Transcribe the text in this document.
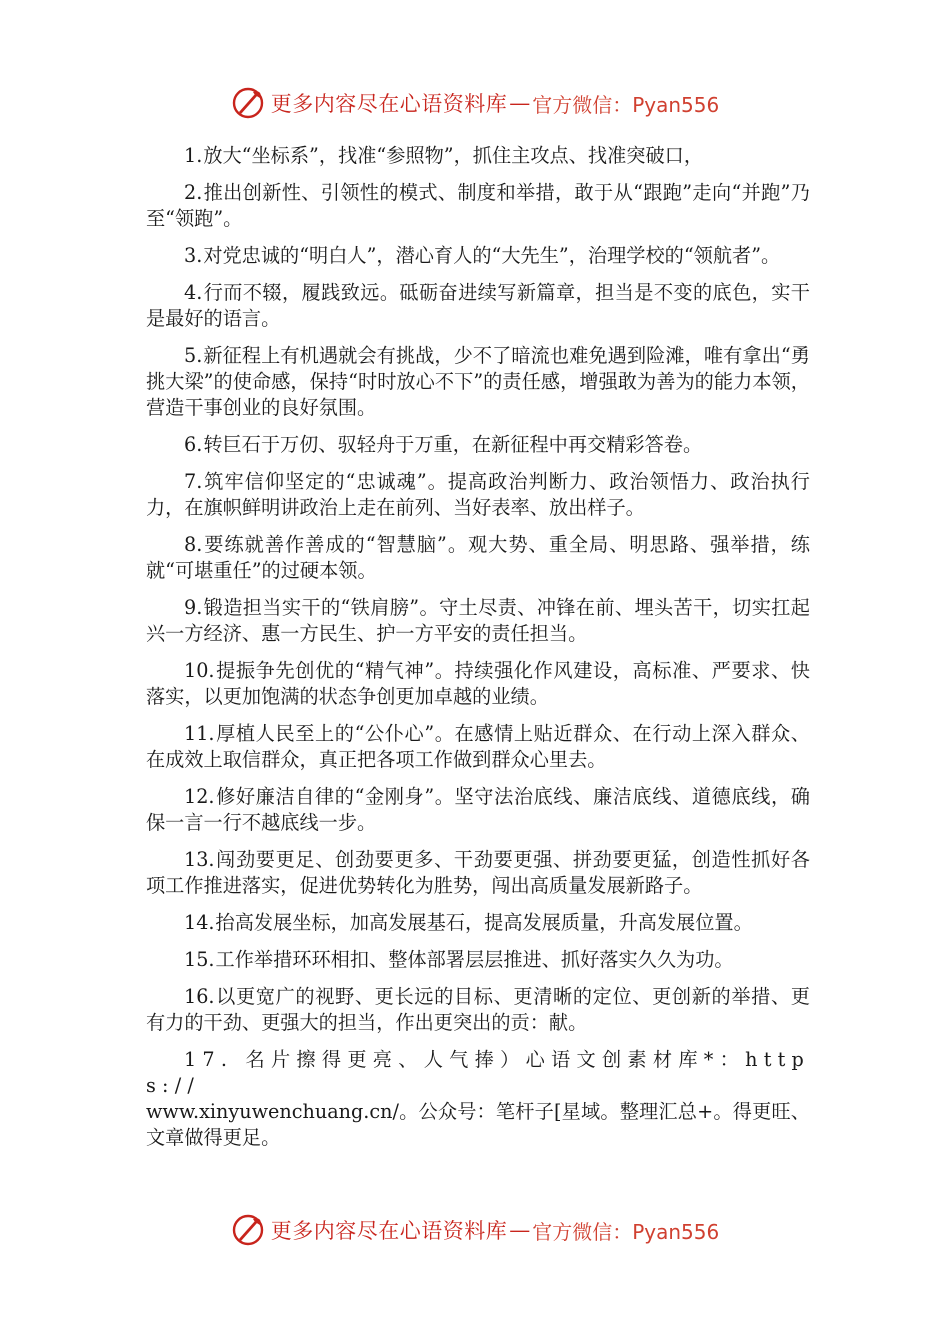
更多内容尽在心语资料库 — 官方微信：Pyan556

1.放大“坐标系”，找准“参照物”，抓住主攻点、找准突破口，

2.推出创新性、引领性的模式、制度和举措，敢于从“跟跑”走向“并跑”乃至“领跑”。

3.对党忠诚的“明白人”，潜心育人的“大先生”，治理学校的“领航者”。

4.行而不辍，履践致远。砥砺奋进续写新篇章，担当是不变的底色，实干是最好的语言。

5.新征程上有机遇就会有挑战，少不了暗流也难免遇到险滩，唯有拿出“勇挑大梁”的使命感，保持“时时放心不下”的责任感，增强敢为善为的能力本领，营造干事创业的良好氛围。

6.转巨石于万仞、驭轻舟于万重，在新征程中再交精彩答卷。

7.筑牢信仰坚定的“忠诚魂”。提高政治判断力、政治领悟力、政治执行力，在旗帜鲜明讲政治上走在前列、当好表率、放出样子。

8.要练就善作善成的“智慧脑”。观大势、重全局、明思路、强举措，练就“可堪重任”的过硬本领。

9.锻造担当实干的“铁肩膀”。守土尽责、冲锋在前、埋头苦干，切实扛起兴一方经济、惠一方民生、护一方平安的责任担当。

10.提振争先创优的“精气神”。持续强化作风建设，高标准、严要求、快落实，以更加饱满的状态争创更加卓越的业绩。

11.厚植人民至上的“公仆心”。在感情上贴近群众、在行动上深入群众、在成效上取信群众，真正把各项工作做到群众心里去。

12.修好廉洁自律的“金刚身”。坚守法治底线、廉洁底线、道德底线，确保一言一行不越底线一步。

13.闯劲要更足、创劲要更多、干劲要更强、拼劲要更猛，创造性抓好各项工作推进落实，促进优势转化为胜势，闯出高质量发展新路子。

14.抬高发展坐标，加高发展基石，提高发展质量，升高发展位置。

15.工作举措环环相扣、整体部署层层推进、抓好落实久久为功。

16.以更宽广的视野、更长远的目标、更清晰的定位、更创新的举措、更有力的干劲、更强大的担当，作出更突出的贡：献。

17. 名片擦得更亮、人气捧）心语文创素材库*：https://
www.xinyuwenchuang.cn/。公众号：笔杆子[星域。整理汇总+。得更旺、文章做得更足。

更多内容尽在心语资料库 — 官方微信：Pyan556
